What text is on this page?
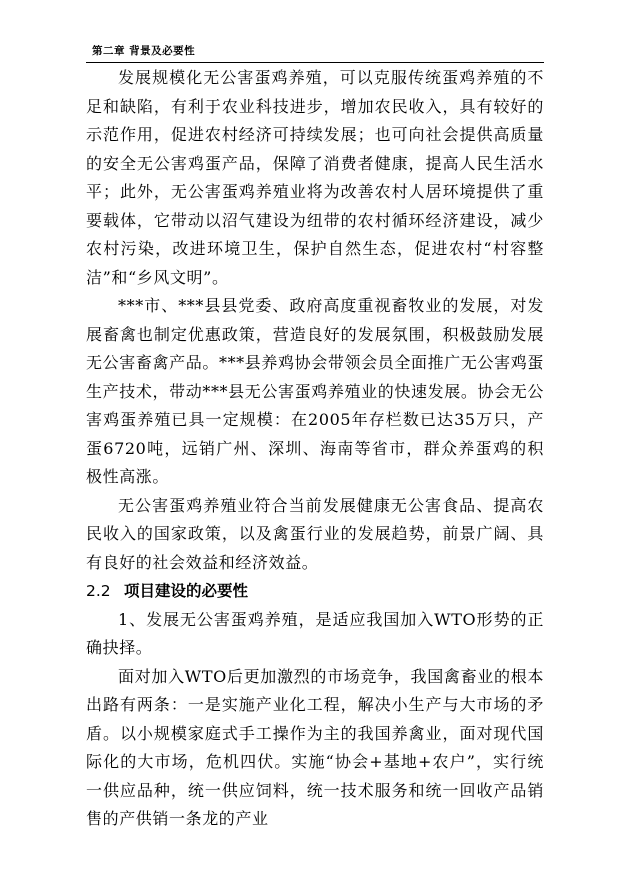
第二章 背景及必要性

发展规模化无公害蛋鸡养殖，可以克服传统蛋鸡养殖的不足和缺陷，有利于农业科技进步，增加农民收入，具有较好的示范作用，促进农村经济可持续发展；也可向社会提供高质量的安全无公害鸡蛋产品，保障了消费者健康，提高人民生活水平；此外，无公害蛋鸡养殖业将为改善农村人居环境提供了重要载体，它带动以沼气建设为纽带的农村循环经济建设，减少农村污染，改进环境卫生，保护自然生态，促进农村“村容整洁”和“乡风文明”。

***市、***县县党委、政府高度重视畜牧业的发展，对发展畜禽也制定优惠政策，营造良好的发展氛围，积极鼓励发展无公害畜禽产品。***县养鸡协会带领会员全面推广无公害鸡蛋生产技术，带动***县无公害蛋鸡养殖业的快速发展。协会无公害鸡蛋养殖已具一定规模：在2005年存栏数已达35万只，产蛋6720吨，远销广州、深圳、海南等省市，群众养蛋鸡的积极性高涨。

无公害蛋鸡养殖业符合当前发展健康无公害食品、提高农民收入的国家政策，以及禽蛋行业的发展趋势，前景广阔、具有良好的社会效益和经济效益。

2.2 项目建设的必要性

1、发展无公害蛋鸡养殖，是适应我国加入WTO形势的正确抉择。

面对加入WTO后更加激烈的市场竞争，我国禽畜业的根本出路有两条：一是实施产业化工程，解决小生产与大市场的矛盾。以小规模家庭式手工操作为主的我国养禽业，面对现代国际化的大市场，危机四伏。实施“协会+基地+农户”，实行统一供应品种，统一供应饲料，统一技术服务和统一回收产品销售的产供销一条龙的产业
